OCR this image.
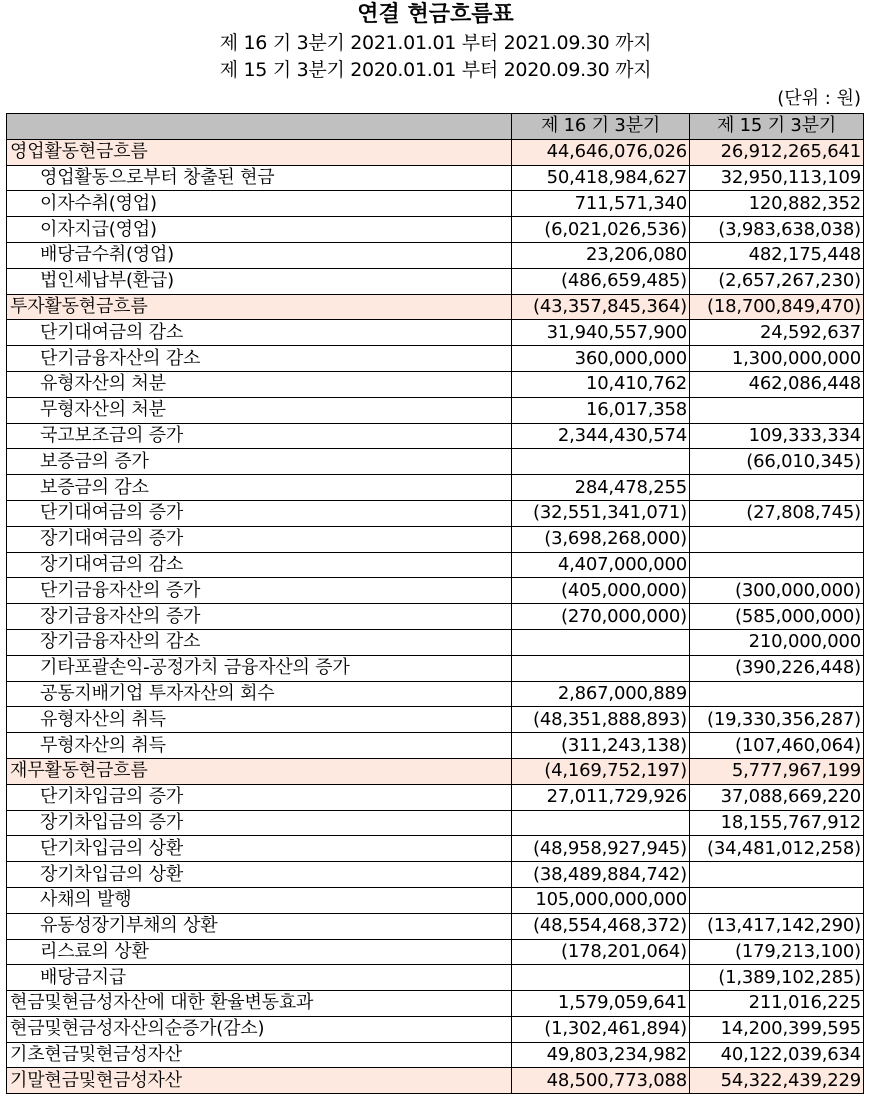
연결 현금흐름표
제 16 기 3분기 2021.01.01 부터 2021.09.30 까지
제 15 기 3분기 2020.01.01 부터 2020.09.30 까지
(단위 : 원)
	제 16 기 3분기	제 15 기 3분기
영업활동현금흐름	44,646,076,026	26,912,265,641
영업활동으로부터 창출된 현금	50,418,984,627	32,950,113,109
이자수취(영업)	711,571,340	120,882,352
이자지급(영업)	(6,021,026,536)	(3,983,638,038)
배당금수취(영업)	23,206,080	482,175,448
법인세납부(환급)	(486,659,485)	(2,657,267,230)
투자활동현금흐름	(43,357,845,364)	(18,700,849,470)
단기대여금의 감소	31,940,557,900	24,592,637
단기금융자산의 감소	360,000,000	1,300,000,000
유형자산의 처분	10,410,762	462,086,448
무형자산의 처분	16,017,358	
국고보조금의 증가	2,344,430,574	109,333,334
보증금의 증가		(66,010,345)
보증금의 감소	284,478,255	
단기대여금의 증가	(32,551,341,071)	(27,808,745)
장기대여금의 증가	(3,698,268,000)	
장기대여금의 감소	4,407,000,000	
단기금융자산의 증가	(405,000,000)	(300,000,000)
장기금융자산의 증가	(270,000,000)	(585,000,000)
장기금융자산의 감소		210,000,000
기타포괄손익-공정가치 금융자산의 증가		(390,226,448)
공동지배기업 투자자산의 회수	2,867,000,889	
유형자산의 취득	(48,351,888,893)	(19,330,356,287)
무형자산의 취득	(311,243,138)	(107,460,064)
재무활동현금흐름	(4,169,752,197)	5,777,967,199
단기차입금의 증가	27,011,729,926	37,088,669,220
장기차입금의 증가		18,155,767,912
단기차입금의 상환	(48,958,927,945)	(34,481,012,258)
장기차입금의 상환	(38,489,884,742)	
사채의 발행	105,000,000,000	
유동성장기부채의 상환	(48,554,468,372)	(13,417,142,290)
리스료의 상환	(178,201,064)	(179,213,100)
배당금지급		(1,389,102,285)
현금및현금성자산에 대한 환율변동효과	1,579,059,641	211,016,225
현금및현금성자산의순증가(감소)	(1,302,461,894)	14,200,399,595
기초현금및현금성자산	49,803,234,982	40,122,039,634
기말현금및현금성자산	48,500,773,088	54,322,439,229
